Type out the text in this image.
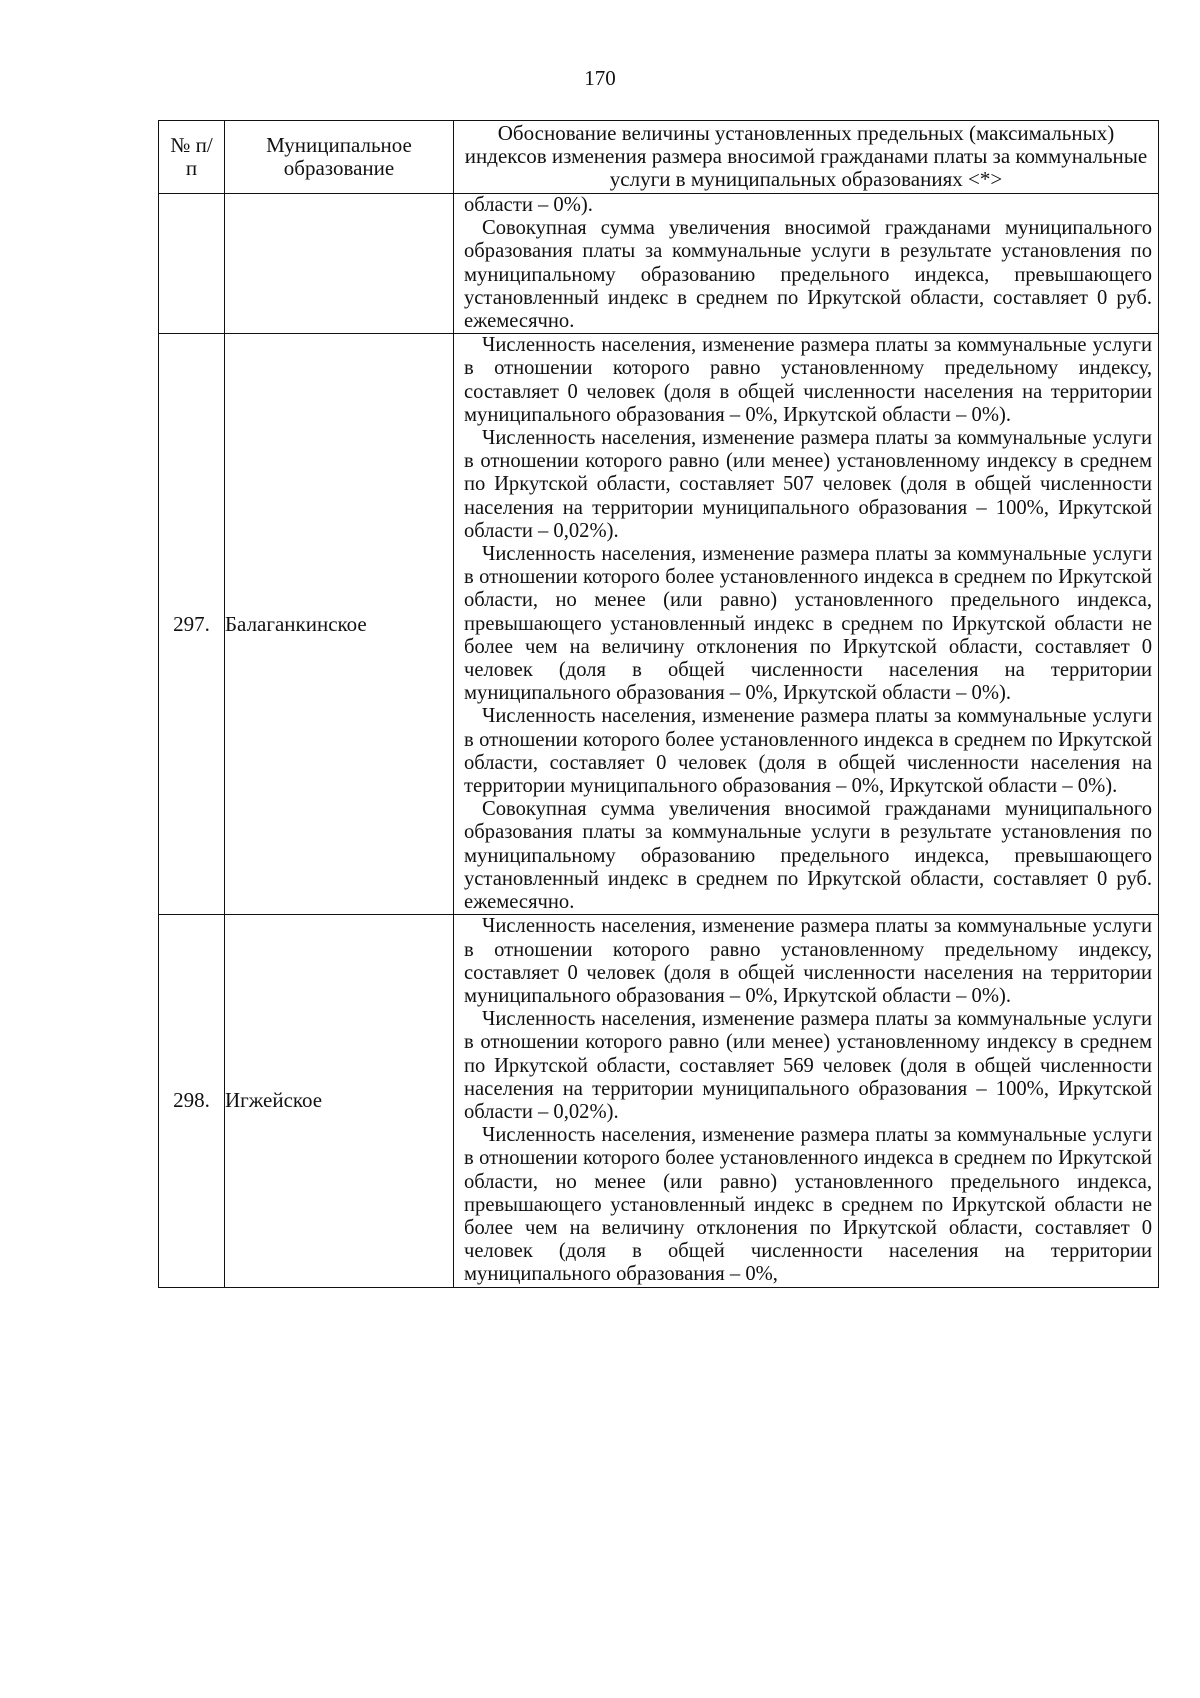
170
№ п/п	Муниципальное образование	Обоснование величины установленных предельных (максимальных) индексов изменения размера вносимой гражданами платы за коммунальные услуги в муниципальных образованиях <*>

		области – 0%).

Совокупная сумма увеличения вносимой гражданами муниципального образования платы за коммунальные услуги в результате установления по муниципальному образованию предельного индекса, превышающего установленный индекс в среднем по Иркутской области, составляет 0 руб. ежемесячно.

297.	Балаганкинское	Численность населения, изменение размера платы за коммунальные услуги в отношении которого равно установленному предельному индексу, составляет 0 человек (доля в общей численности населения на территории муниципального образования – 0%, Иркутской области – 0%).

Численность населения, изменение размера платы за коммунальные услуги в отношении которого равно (или менее) установленному индексу в среднем по Иркутской области, составляет 507 человек (доля в общей численности населения на территории муниципального образования – 100%, Иркутской области – 0,02%).

Численность населения, изменение размера платы за коммунальные услуги в отношении которого более установленного индекса в среднем по Иркутской области, но менее (или равно) установленного предельного индекса, превышающего установленный индекс в среднем по Иркутской области не более чем на величину отклонения по Иркутской области, составляет 0 человек (доля в общей численности населения на территории муниципального образования – 0%, Иркутской области – 0%).

Численность населения, изменение размера платы за коммунальные услуги в отношении которого более установленного индекса в среднем по Иркутской области, составляет 0 человек (доля в общей численности населения на территории муниципального образования – 0%, Иркутской области – 0%).

Совокупная сумма увеличения вносимой гражданами муниципального образования платы за коммунальные услуги в результате установления по муниципальному образованию предельного индекса, превышающего установленный индекс в среднем по Иркутской области, составляет 0 руб. ежемесячно.

298.	Игжейское	Численность населения, изменение размера платы за коммунальные услуги в отношении которого равно установленному предельному индексу, составляет 0 человек (доля в общей численности населения на территории муниципального образования – 0%, Иркутской области – 0%).

Численность населения, изменение размера платы за коммунальные услуги в отношении которого равно (или менее) установленному индексу в среднем по Иркутской области, составляет 569 человек (доля в общей численности населения на территории муниципального образования – 100%, Иркутской области – 0,02%).

Численность населения, изменение размера платы за коммунальные услуги в отношении которого более установленного индекса в среднем по Иркутской области, но менее (или равно) установленного предельного индекса, превышающего установленный индекс в среднем по Иркутской области не более чем на величину отклонения по Иркутской области, составляет 0 человек (доля в общей численности населения на территории муниципального образования – 0%,
